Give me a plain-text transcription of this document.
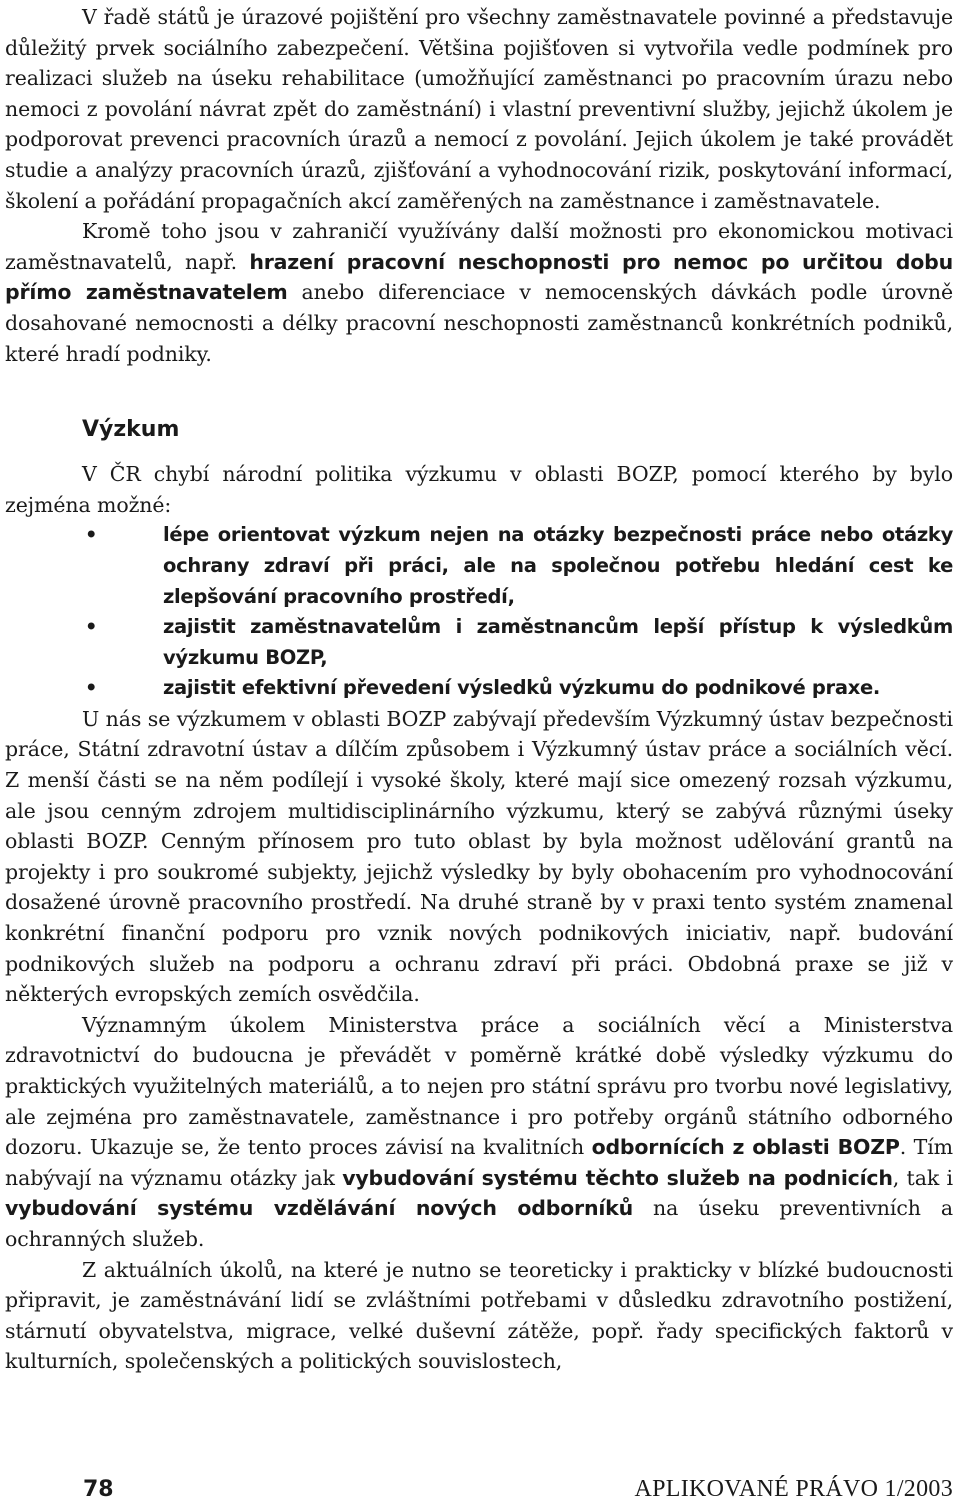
V řadě států je úrazové pojištění pro všechny zaměstnavatele povinné a představuje důležitý prvek sociálního zabezpečení. Většina pojišťoven si vytvořila vedle podmínek pro realizaci služeb na úseku rehabilitace (umožňující zaměstnanci po pracovním úrazu nebo nemoci z povolání návrat zpět do zaměstnání) i vlastní preventivní služby, jejichž úkolem je podporovat prevenci pracovních úrazů a nemocí z povolání. Jejich úkolem je také provádět studie a analýzy pracovních úrazů, zjišťování a vyhodnocování rizik, poskytování informací, školení a pořádání propagačních akcí zaměřených na zaměstnance i zaměstnavatele.

Kromě toho jsou v zahraničí využívány další možnosti pro ekonomickou motivaci zaměstnavatelů, např. hrazení pracovní neschopnosti pro nemoc po určitou dobu přímo zaměstnavatelem anebo diferenciace v nemocenských dávkách podle úrovně dosahované nemocnosti a délky pracovní neschopnosti zaměstnanců konkrétních podniků, které hradí podniky.

Výzkum

V ČR chybí národní politika výzkumu v oblasti BOZP, pomocí kterého by bylo zejména možné:

•	lépe orientovat výzkum nejen na otázky bezpečnosti práce nebo otázky ochrany zdraví při práci, ale na společnou potřebu hledání cest ke zlepšování pracovního prostředí,
•	zajistit zaměstnavatelům i zaměstnancům lepší přístup k výsledkům výzkumu BOZP,
•	zajistit efektivní převedení výsledků výzkumu do podnikové praxe.

U nás se výzkumem v oblasti BOZP zabývají především Výzkumný ústav bezpečnosti práce, Státní zdravotní ústav a dílčím způsobem i Výzkumný ústav práce a sociálních věcí. Z menší části se na něm podílejí i vysoké školy, které mají sice omezený rozsah výzkumu, ale jsou cenným zdrojem multidisciplinárního výzkumu, který se zabývá různými úseky oblasti BOZP. Cenným přínosem pro tuto oblast by byla možnost udělování grantů na projekty i pro soukromé subjekty, jejichž výsledky by byly obohacením pro vyhodnocování dosažené úrovně pracovního prostředí. Na druhé straně by v praxi tento systém znamenal konkrétní finanční podporu pro vznik nových podnikových iniciativ, např. budování podnikových služeb na podporu a ochranu zdraví při práci. Obdobná praxe se již v některých evropských zemích osvědčila.

Významným úkolem Ministerstva práce a sociálních věcí a Ministerstva zdravotnictví do budoucna je převádět v poměrně krátké době výsledky výzkumu do praktických využitelných materiálů, a to nejen pro státní správu pro tvorbu nové legislativy, ale zejména pro zaměstnavatele, zaměstnance i pro potřeby orgánů státního odborného dozoru. Ukazuje se, že tento proces závisí na kvalitních odbornících z oblasti BOZP. Tím nabývají na významu otázky jak vybudování systému těchto služeb na podnicích, tak i vybudování systému vzdělávání nových odborníků na úseku preventivních a ochranných služeb.

Z aktuálních úkolů, na které je nutno se teoreticky i prakticky v blízké budoucnosti připravit, je zaměstnávání lidí se zvláštními potřebami v důsledku zdravotního postižení, stárnutí obyvatelstva, migrace, velké duševní zátěže, popř. řady specifických faktorů v kulturních, společenských a politických souvislostech,

78	APLIKOVANÉ PRÁVO 1/2003
